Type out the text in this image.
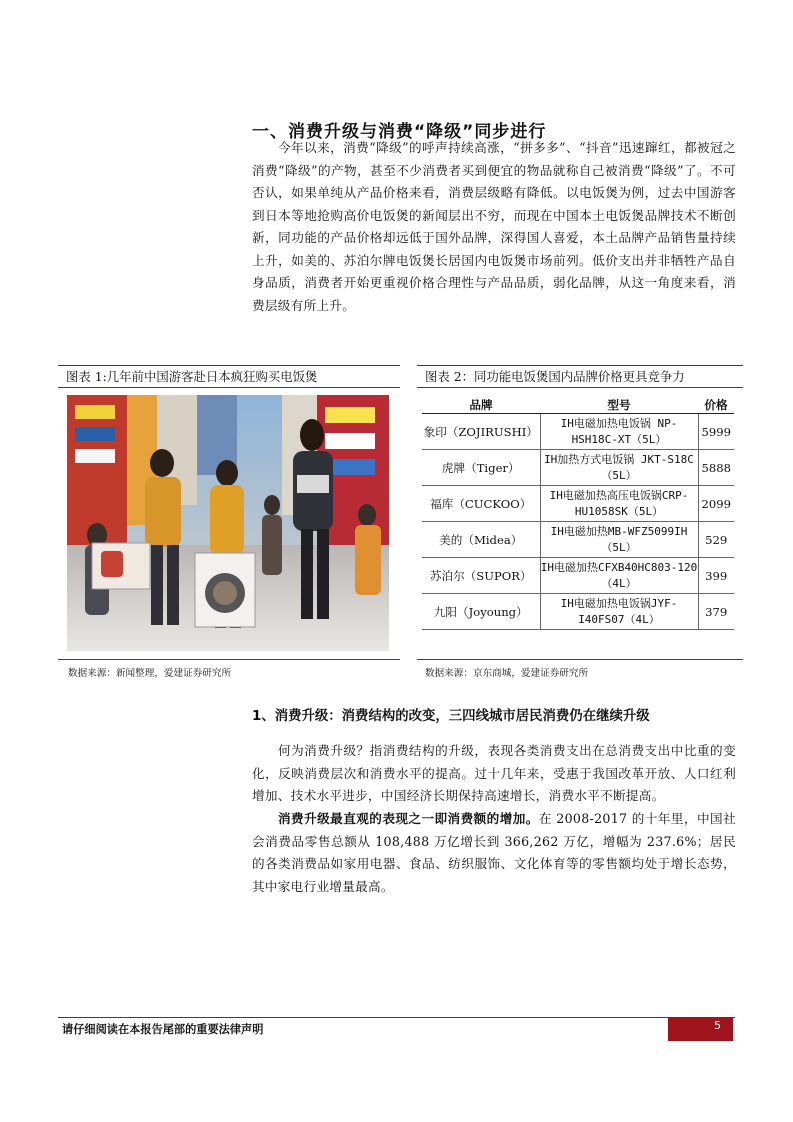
一、消费升级与消费“降级”同步进行
今年以来，消费“降级”的呼声持续高涨，“拼多多”、“抖音”迅速蹿红，都被冠之消费“降级”的产物，甚至不少消费者买到便宜的物品就称自己被消费“降级”了。不可否认，如果单纯从产品价格来看，消费层级略有降低。以电饭煲为例，过去中国游客到日本等地抢购高价电饭煲的新闻层出不穷，而现在中国本土电饭煲品牌技术不断创新，同功能的产品价格却远低于国外品牌，深得国人喜爱，本土品牌产品销售量持续上升，如美的、苏泊尔牌电饭煲长居国内电饭煲市场前列。低价支出并非牺牲产品自身品质，消费者开始更重视价格合理性与产品品质，弱化品牌，从这一角度来看，消费层级有所上升。
图表 1:几年前中国游客赴日本疯狂购买电饭煲
数据来源：新闻整理，爱建证券研究所
图表 2：同功能电饭煲国内品牌价格更具竞争力
品牌	型号	价格
象印（ZOJIRUSHI）	IH电磁加热电饭锅 NP-HSH18C-XT（5L）	5999
虎牌（Tiger）	IH加热方式电饭锅 JKT-S18C（5L）	5888
福库（CUCKOO）	IH电磁加热高压电饭锅CRP-HU1058SK（5L）	2099
美的（Midea）	IH电磁加热MB-WFZ5099IH （5L）	529
苏泊尔（SUPOR）	IH电磁加热CFXB40HC803-120（4L）	399
九阳（Joyoung）	IH电磁加热电饭锅JYF-I40FS07（4L）	379
数据来源：京东商城，爱建证券研究所
1、消费升级：消费结构的改变，三四线城市居民消费仍在继续升级
何为消费升级？指消费结构的升级，表现各类消费支出在总消费支出中比重的变化，反映消费层次和消费水平的提高。过十几年来，受惠于我国改革开放、人口红利增加、技术水平进步，中国经济长期保持高速增长，消费水平不断提高。
消费升级最直观的表现之一即消费额的增加。在 2008-2017 的十年里，中国社会消费品零售总额从 108,488 万亿增长到 366,262 万亿，增幅为 237.6%；居民的各类消费品如家用电器、食品、纺织服饰、文化体育等的零售额均处于增长态势，其中家电行业增量最高。
请仔细阅读在本报告尾部的重要法律声明	5
